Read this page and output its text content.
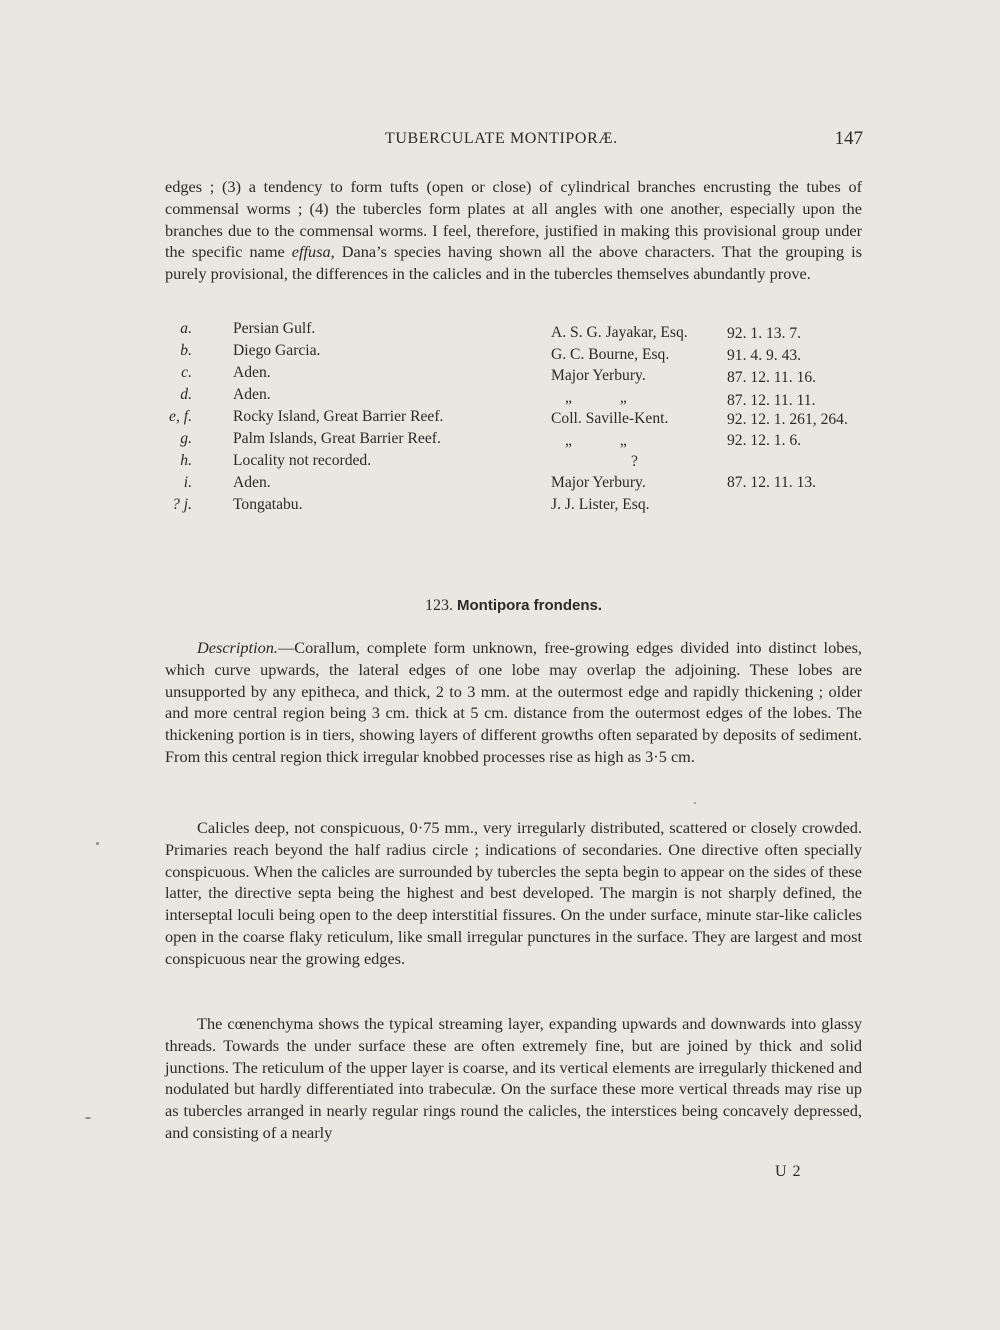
TUBERCULATE MONTIPORÆ.	147

edges ; (3) a tendency to form tufts (open or close) of cylindrical branches encrusting the tubes of commensal worms ; (4) the tubercles form plates at all angles with one another, especially upon the branches due to the commensal worms. I feel, therefore, justified in making this provisional group under the specific name effusa, Dana’s species having shown all the above characters. That the grouping is purely provisional, the differences in the calicles and in the tubercles themselves abundantly prove.

a.	Persian Gulf.	A. S. G. Jayakar, Esq.	92. 1. 13. 7.
b.	Diego Garcia.	G. C. Bourne, Esq.	91. 4. 9. 43.
c.	Aden.	Major Yerbury.	87. 12. 11. 16.
d.	Aden.	„ „	87. 12. 11. 11.
e, f.	Rocky Island, Great Barrier Reef.	Coll. Saville-Kent.	92. 12. 1. 261, 264.
g.	Palm Islands, Great Barrier Reef.	„ „	92. 12. 1. 6.
h.	Locality not recorded.	?
i.	Aden.	Major Yerbury.	87. 12. 11. 13.
? j.	Tongatabu.	J. J. Lister, Esq.
123. Montipora frondens.

Description.—Corallum, complete form unknown, free-growing edges divided into distinct lobes, which curve upwards, the lateral edges of one lobe may overlap the adjoining. These lobes are unsupported by any epitheca, and thick, 2 to 3 mm. at the outermost edge and rapidly thickening ; older and more central region being 3 cm. thick at 5 cm. distance from the outermost edges of the lobes. The thickening portion is in tiers, showing layers of different growths often separated by deposits of sediment. From this central region thick irregular knobbed processes rise as high as 3·5 cm.

Calicles deep, not conspicuous, 0·75 mm., very irregularly distributed, scattered or closely crowded. Primaries reach beyond the half radius circle ; indications of secondaries. One directive often specially conspicuous. When the calicles are surrounded by tubercles the septa begin to appear on the sides of these latter, the directive septa being the highest and best developed. The margin is not sharply defined, the interseptal loculi being open to the deep interstitial fissures. On the under surface, minute star-like calicles open in the coarse flaky reticulum, like small irregular punctures in the surface. They are largest and most conspicuous near the growing edges.

The cœnenchyma shows the typical streaming layer, expanding upwards and downwards into glassy threads. Towards the under surface these are often extremely fine, but are joined by thick and solid junctions. The reticulum of the upper layer is coarse, and its vertical elements are irregularly thickened and nodulated but hardly differentiated into trabeculæ. On the surface these more vertical threads may rise up as tubercles arranged in nearly regular rings round the calicles, the interstices being concavely depressed, and consisting of a nearly

U 2
